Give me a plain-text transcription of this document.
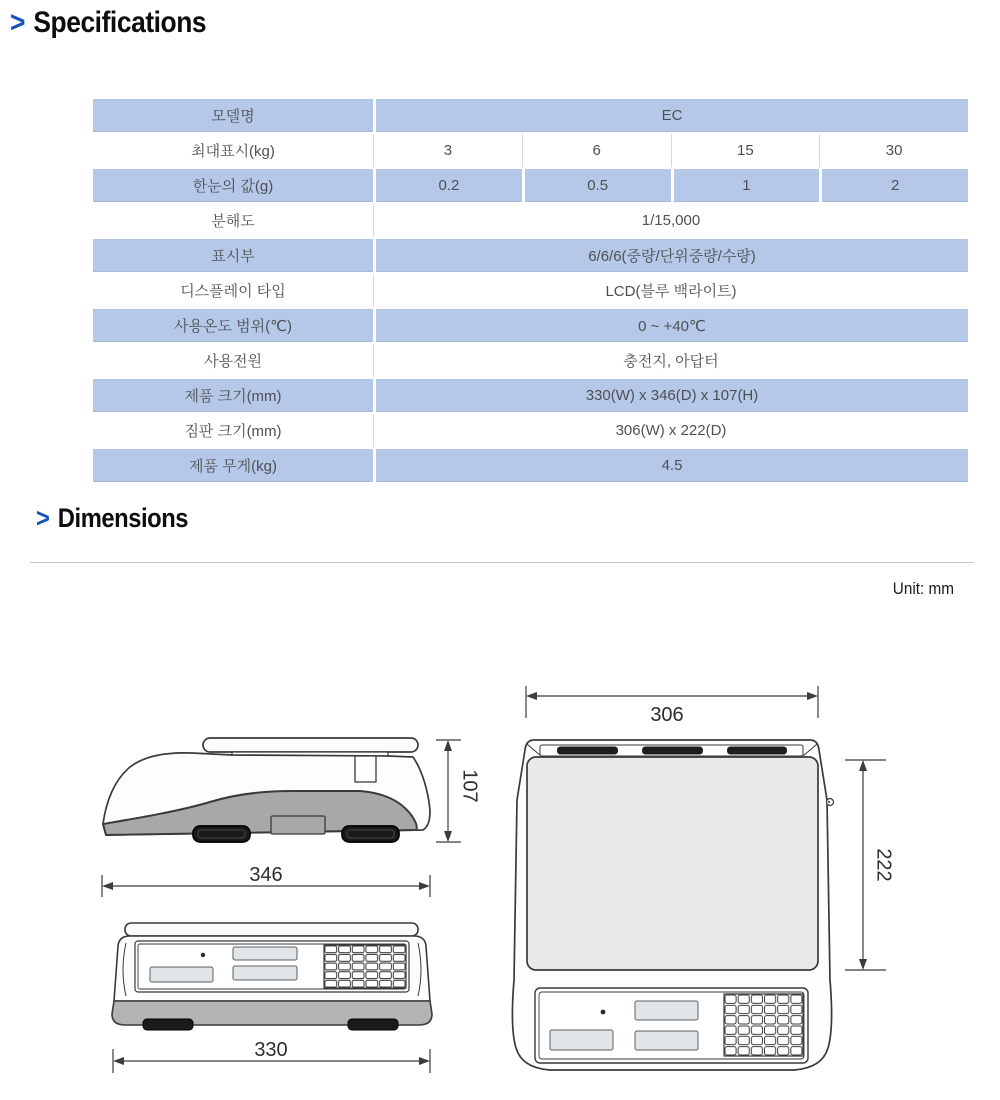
> Specifications
모델명	EC			
최대표시(kg)	3	6	15	30
한눈의 값(g)	0.2	0.5	1	2
분해도	1/15,000			
표시부	6/6/6(중량/단위중량/수량)			
디스플레이 타입	LCD(블루 백라이트)			
사용온도 범위(℃)	0 ~ +40℃			
사용전원	충전지, 아답터			
제품 크기(mm)	330(W) x 346(D) x 107(H)			
짐판 크기(mm)	306(W) x 222(D)			
제품 무게(kg)	4.5			
> Dimensions
Unit: mm
107
346
330
306
222
